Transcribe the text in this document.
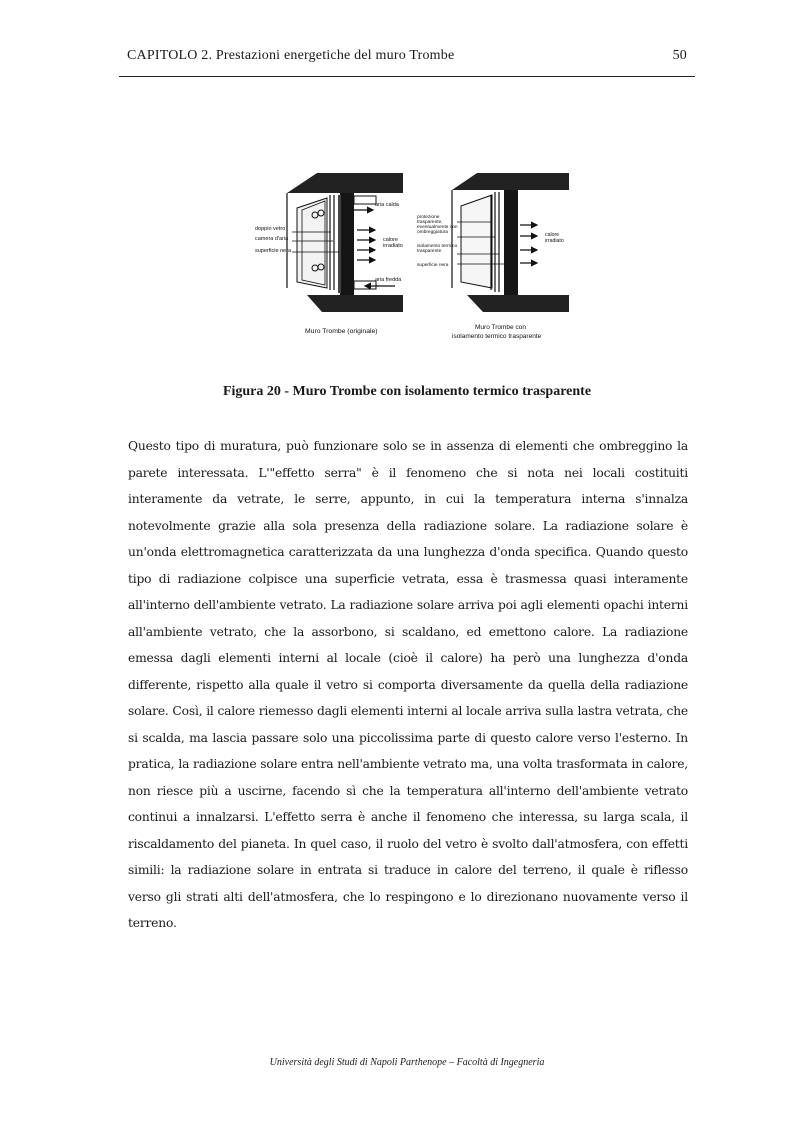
CAPITOLO 2. Prestazioni energetiche del muro Trombe	50
doppio vetro
camera d'aria
superficie nera
aria calda
calore
irradiato
aria fredda
Muro Trombe (originale)
protezione
trasparente,
eventualmente con
ombreggiatura
isolamento termico
trasparente
superficie nera
calore
irradiato
Muro Trombe con
isolamento termico trasparente
Figura 20 - Muro Trombe con isolamento termico trasparente

Questo tipo di muratura, può funzionare solo se in assenza di elementi che ombreggino la parete interessata. L'"effetto serra" è il fenomeno che si nota nei locali costituiti interamente da vetrate, le serre, appunto, in cui la temperatura interna s'innalza notevolmente grazie alla sola presenza della radiazione solare. La radiazione solare è un'onda elettromagnetica caratterizzata da una lunghezza d'onda specifica. Quando questo tipo di radiazione colpisce una superficie vetrata, essa è trasmessa quasi interamente all'interno dell'ambiente vetrato. La radiazione solare arriva poi agli elementi opachi interni all'ambiente vetrato, che la assorbono, si scaldano, ed emettono calore. La radiazione emessa dagli elementi interni al locale (cioè il calore) ha però una lunghezza d'onda differente, rispetto alla quale il vetro si comporta diversamente da quella della radiazione solare. Così, il calore riemesso dagli elementi interni al locale arriva sulla lastra vetrata, che si scalda, ma lascia passare solo una piccolissima parte di questo calore verso l'esterno. In pratica, la radiazione solare entra nell'ambiente vetrato ma, una volta trasformata in calore, non riesce più a uscirne, facendo sì che la temperatura all'interno dell'ambiente vetrato continui a innalzarsi. L'effetto serra è anche il fenomeno che interessa, su larga scala, il riscaldamento del pianeta. In quel caso, il ruolo del vetro è svolto dall'atmosfera, con effetti simili: la radiazione solare in entrata si traduce in calore del terreno, il quale è riflesso verso gli strati alti dell'atmosfera, che lo respingono e lo direzionano nuovamente verso il terreno.

Università degli Studi di Napoli Parthenope – Facoltà di Ingegneria
